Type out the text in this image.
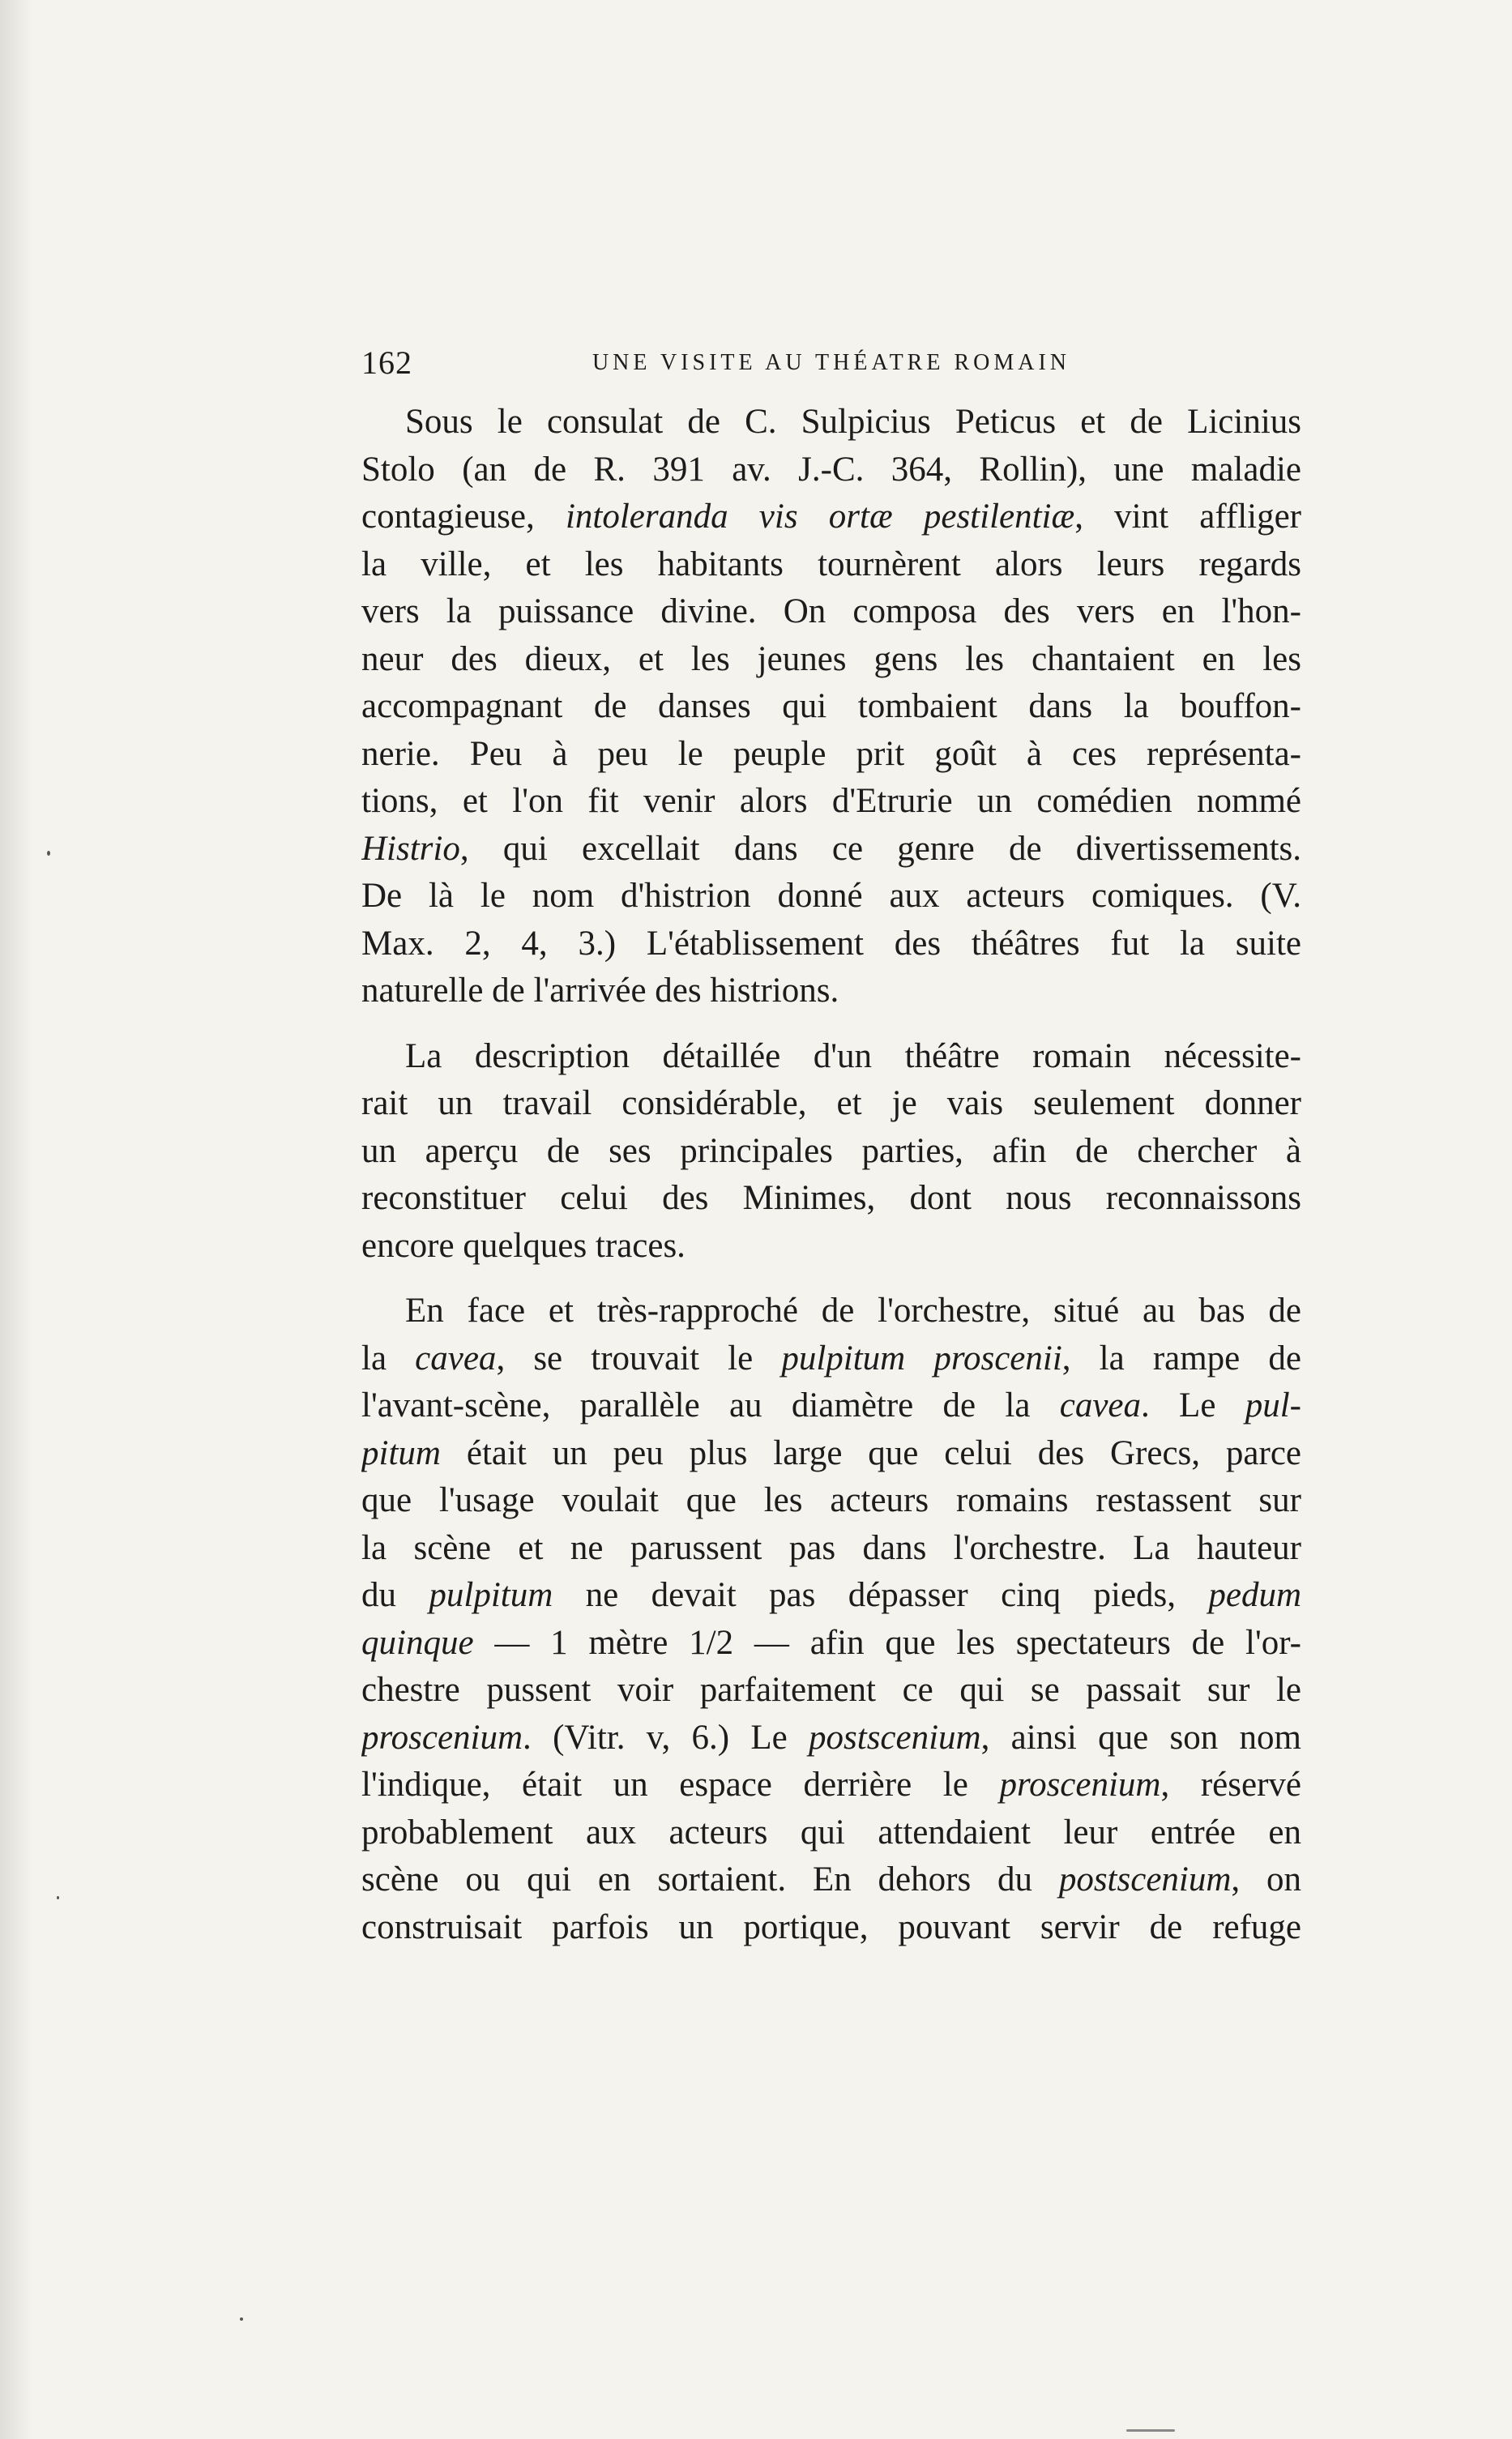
162	UNE VISITE AU THÉATRE ROMAIN
Sous le consulat de C. Sulpicius Peticus et de Licinius
Stolo (an de R. 391 av. J.-C. 364, Rollin), une maladie
contagieuse, intoleranda vis ortæ pestilentiæ, vint affliger
la ville, et les habitants tournèrent alors leurs regards
vers la puissance divine. On composa des vers en l'hon-
neur des dieux, et les jeunes gens les chantaient en les
accompagnant de danses qui tombaient dans la bouffon-
nerie. Peu à peu le peuple prit goût à ces représenta-
tions, et l'on fit venir alors d'Etrurie un comédien nommé
Histrio, qui excellait dans ce genre de divertissements.
De là le nom d'histrion donné aux acteurs comiques. (V.
Max. 2, 4, 3.) L'établissement des théâtres fut la suite
naturelle de l'arrivée des histrions.
La description détaillée d'un théâtre romain nécessite-
rait un travail considérable, et je vais seulement donner
un aperçu de ses principales parties, afin de chercher à
reconstituer celui des Minimes, dont nous reconnaissons
encore quelques traces.
En face et très-rapproché de l'orchestre, situé au bas de
la cavea, se trouvait le pulpitum proscenii, la rampe de
l'avant-scène, parallèle au diamètre de la cavea. Le pul-
pitum était un peu plus large que celui des Grecs, parce
que l'usage voulait que les acteurs romains restassent sur
la scène et ne parussent pas dans l'orchestre. La hauteur
du pulpitum ne devait pas dépasser cinq pieds, pedum
quinque — 1 mètre 1/2 — afin que les spectateurs de l'or-
chestre pussent voir parfaitement ce qui se passait sur le
proscenium. (Vitr. v, 6.) Le postscenium, ainsi que son nom
l'indique, était un espace derrière le proscenium, réservé
probablement aux acteurs qui attendaient leur entrée en
scène ou qui en sortaient. En dehors du postscenium, on
construisait parfois un portique, pouvant servir de refuge
